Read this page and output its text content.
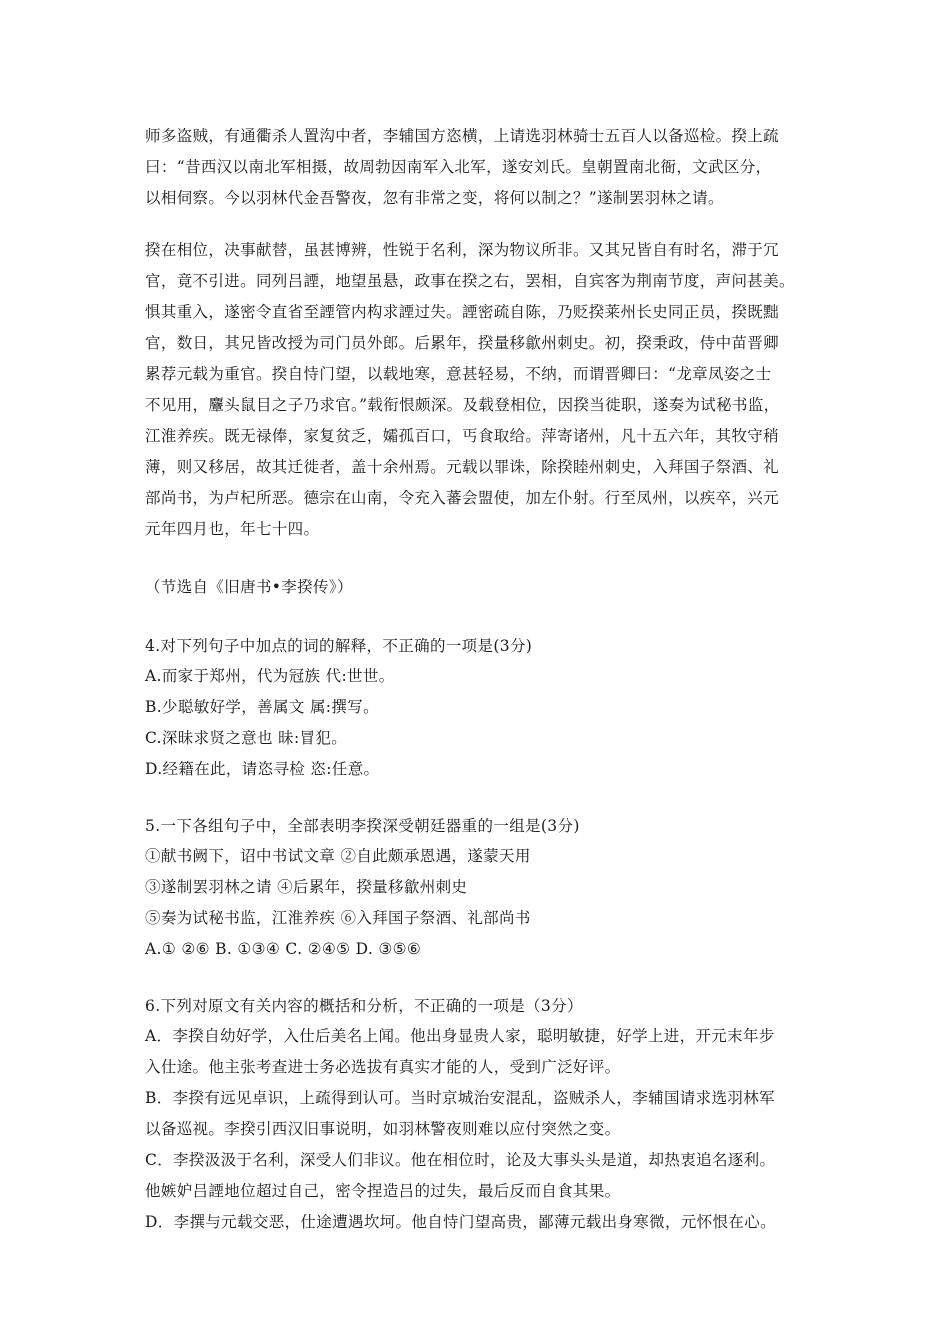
师多盗贼，有通衢杀人置沟中者，李辅国方恣横，上请选羽林骑士五百人以备巡检。揆上疏
曰：“昔西汉以南北军相摄，故周勃因南军入北军，遂安刘氏。皇朝置南北衙，文武区分，
以相伺察。今以羽林代金吾警夜，忽有非常之变，将何以制之？”遂制罢羽林之请。
揆在相位，决事献替，虽甚博辨，性锐于名利，深为物议所非。又其兄皆自有时名，滞于冗
官，竟不引进。同列吕諲，地望虽悬，政事在揆之右，罢相，自宾客为荆南节度，声问甚美。
惧其重入，遂密令直省至諲管内构求諲过失。諲密疏自陈，乃贬揆莱州长史同正员，揆既黜
官，数日，其兄皆改授为司门员外郎。后累年，揆量移歙州刺史。初，揆秉政，侍中苗晋卿
累荐元载为重官。揆自恃门望，以载地寒，意甚轻易，不纳，而谓晋卿曰：“龙章凤姿之士
不见用，麞头鼠目之子乃求官。”载衔恨颇深。及载登相位，因揆当徙职，遂奏为试秘书监，
江淮养疾。既无禄俸，家复贫乏，孀孤百口，丐食取给。萍寄诸州，凡十五六年，其牧守稍
薄，则又移居，故其迁徙者，盖十余州焉。元载以罪诛，除揆睦州刺史，入拜国子祭酒、礼
部尚书，为卢杞所恶。德宗在山南，令充入蕃会盟使，加左仆射。行至凤州，以疾卒，兴元
元年四月也，年七十四。
（节选自《旧唐书•李揆传》）
4.对下列句子中加点的词的解释，不正确的一项是(3分)
A.而家于郑州，代为冠族 代:世世。
B.少聪敏好学，善属文 属:撰写。
C.深昧求贤之意也 昧:冒犯。
D.经籍在此，请恣寻检 恣:任意。
5.一下各组句子中，全部表明李揆深受朝廷器重的一组是(3分)
①献书阙下，诏中书试文章 ②自此颇承恩遇，遂蒙天用
③遂制罢羽林之请 ④后累年，揆量移歙州刺史
⑤奏为试秘书监，江淮养疾 ⑥入拜国子祭酒、礼部尚书
A.① ②⑥ B. ①③④ C. ②④⑤ D. ③⑤⑥
6.下列对原文有关内容的概括和分析，不正确的一项是（3分）
A．李揆自幼好学，入仕后美名上闻。他出身显贵人家，聪明敏捷，好学上进，开元末年步
入仕途。他主张考查进士务必选拔有真实才能的人，受到广泛好评。
B．李揆有远见卓识，上疏得到认可。当时京城治安混乱，盗贼杀人，李辅国请求选羽林军
以备巡视。李揆引西汉旧事说明，如羽林警夜则难以应付突然之变。
C．李揆汲汲于名利，深受人们非议。他在相位时，论及大事头头是道，却热衷追名逐利。
他嫉妒吕諲地位超过自己，密令捏造吕的过失，最后反而自食其果。
D．李撰与元载交恶，仕途遭遇坎坷。他自恃门望高贵，鄙薄元载出身寒微，元怀恨在心。
